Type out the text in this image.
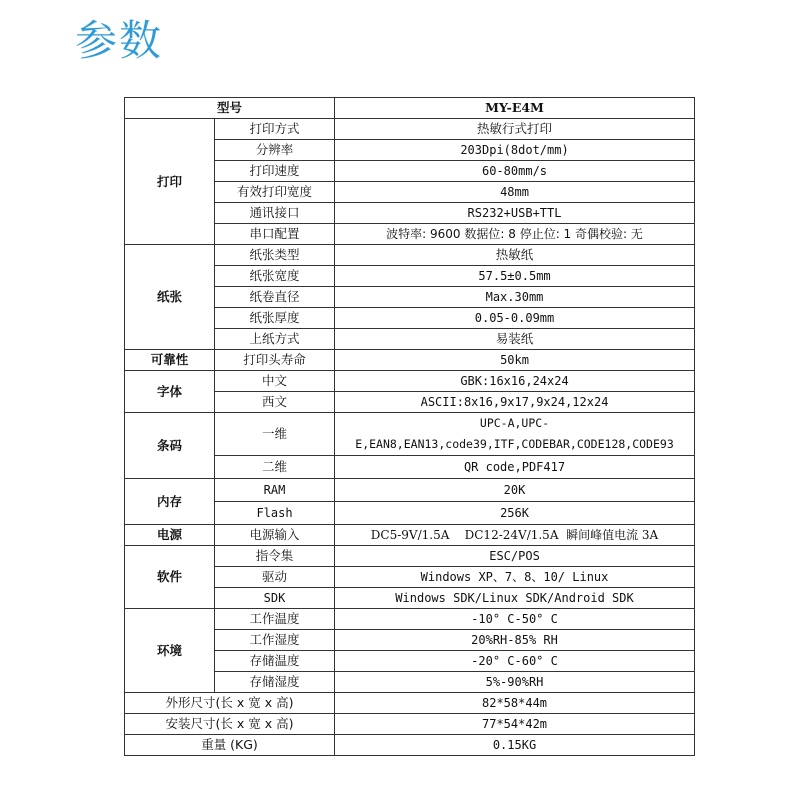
参数
型号		MY-E4M
打印	打印方式	热敏行式打印
	分辨率	203Dpi(8dot/mm)
	打印速度	60-80mm/s
	有效打印宽度	48mm
	通讯接口	RS232+USB+TTL
	串口配置	波特率: 9600 数据位: 8 停止位: 1 奇偶校验: 无
纸张	纸张类型	热敏纸
	纸张宽度	57.5±0.5mm
	纸卷直径	Max.30mm
	纸张厚度	0.05-0.09mm
	上纸方式	易装纸
可靠性	打印头寿命	50km
字体	中文	GBK:16x16,24x24
	西文	ASCII:8x16,9x17,9x24,12x24
条码	一维	UPC-A,UPC-E,EAN8,EAN13,code39,ITF,CODEBAR,CODE128,CODE93
	二维	QR code,PDF417
内存	RAM	20K
	Flash	256K
电源	电源输入	DC5-9V/1.5A    DC12-24V/1.5A  瞬间峰值电流 3A
软件	指令集	ESC/POS
	驱动	Windows XP、7、8、10/ Linux
	SDK	Windows SDK/Linux SDK/Android SDK
环境	工作温度	-10° C-50° C
	工作湿度	20%RH-85% RH
	存储温度	-20° C-60° C
	存储湿度	5%-90%RH
外形尺寸(长 x 宽 x 高)		82*58*44m
安装尺寸(长 x 宽 x 高)		77*54*42m
重量 (KG)		0.15KG
